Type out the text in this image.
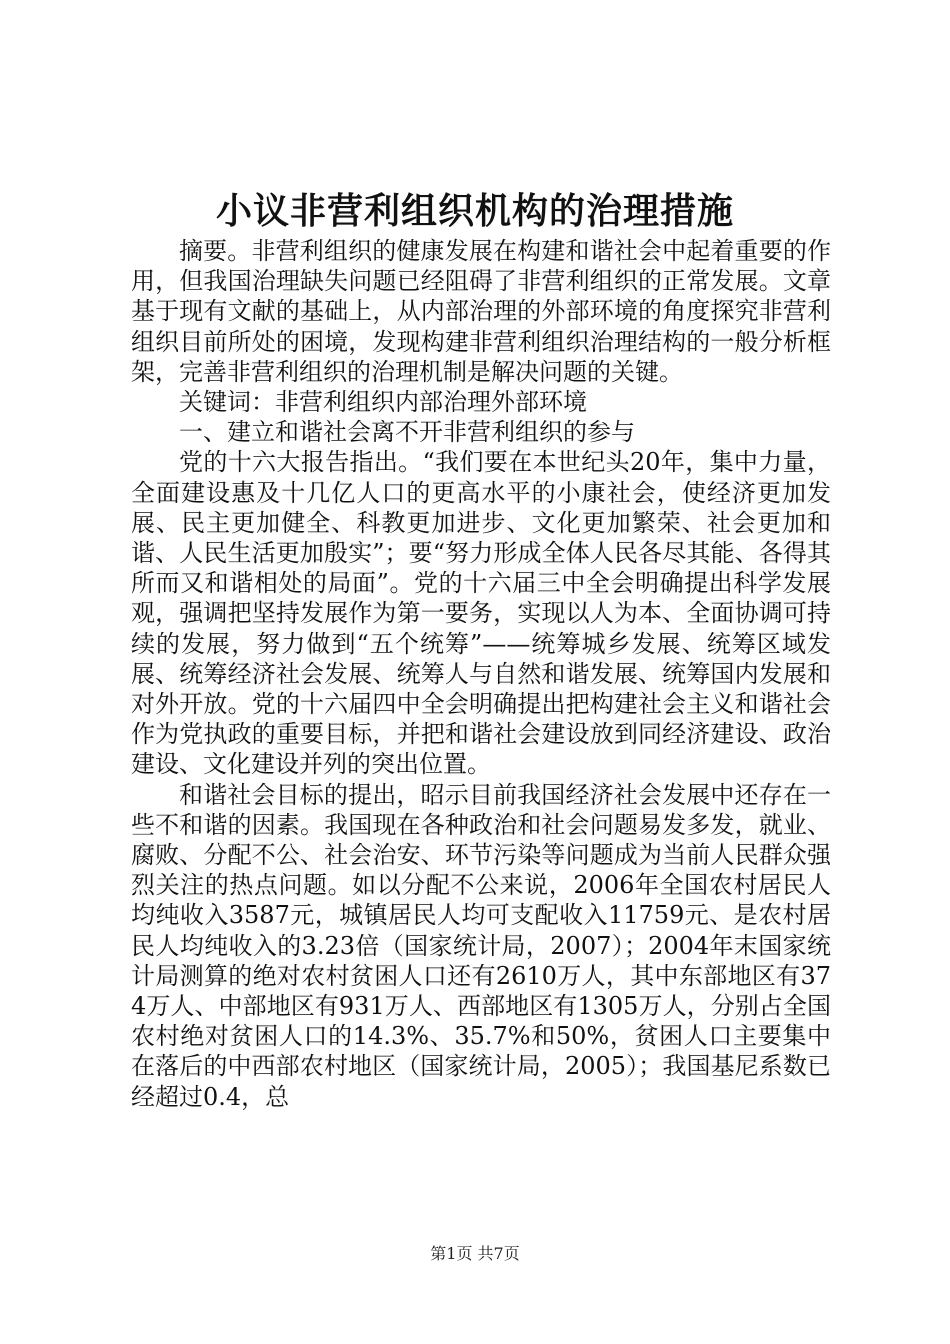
小议非营利组织机构的治理措施

摘要。非营利组织的健康发展在构建和谐社会中起着重要的作用，但我国治理缺失问题已经阻碍了非营利组织的正常发展。文章基于现有文献的基础上，从内部治理的外部环境的角度探究非营利组织目前所处的困境，发现构建非营利组织治理结构的一般分析框架，完善非营利组织的治理机制是解决问题的关键。

关键词：非营利组织内部治理外部环境

一、建立和谐社会离不开非营利组织的参与

党的十六大报告指出。“我们要在本世纪头20年，集中力量，全面建设惠及十几亿人口的更高水平的小康社会，使经济更加发展、民主更加健全、科教更加进步、文化更加繁荣、社会更加和谐、人民生活更加殷实”；要“努力形成全体人民各尽其能、各得其所而又和谐相处的局面”。党的十六届三中全会明确提出科学发展观，强调把坚持发展作为第一要务，实现以人为本、全面协调可持续的发展，努力做到“五个统筹”——统筹城乡发展、统筹区域发展、统筹经济社会发展、统筹人与自然和谐发展、统筹国内发展和对外开放。党的十六届四中全会明确提出把构建社会主义和谐社会作为党执政的重要目标，并把和谐社会建设放到同经济建设、政治建设、文化建设并列的突出位置。

和谐社会目标的提出，昭示目前我国经济社会发展中还存在一些不和谐的因素。我国现在各种政治和社会问题易发多发，就业、腐败、分配不公、社会治安、环节污染等问题成为当前人民群众强烈关注的热点问题。如以分配不公来说，2006年全国农村居民人均纯收入3587元，城镇居民人均可支配收入11759元、是农村居民人均纯收入的3.23倍（国家统计局，2007）；2004年末国家统计局测算的绝对农村贫困人口还有2610万人，其中东部地区有374万人、中部地区有931万人、西部地区有1305万人，分别占全国农村绝对贫困人口的14.3%、35.7%和50%，贫困人口主要集中在落后的中西部农村地区（国家统计局，2005）；我国基尼系数已经超过0.4，总

第1页 共7页
